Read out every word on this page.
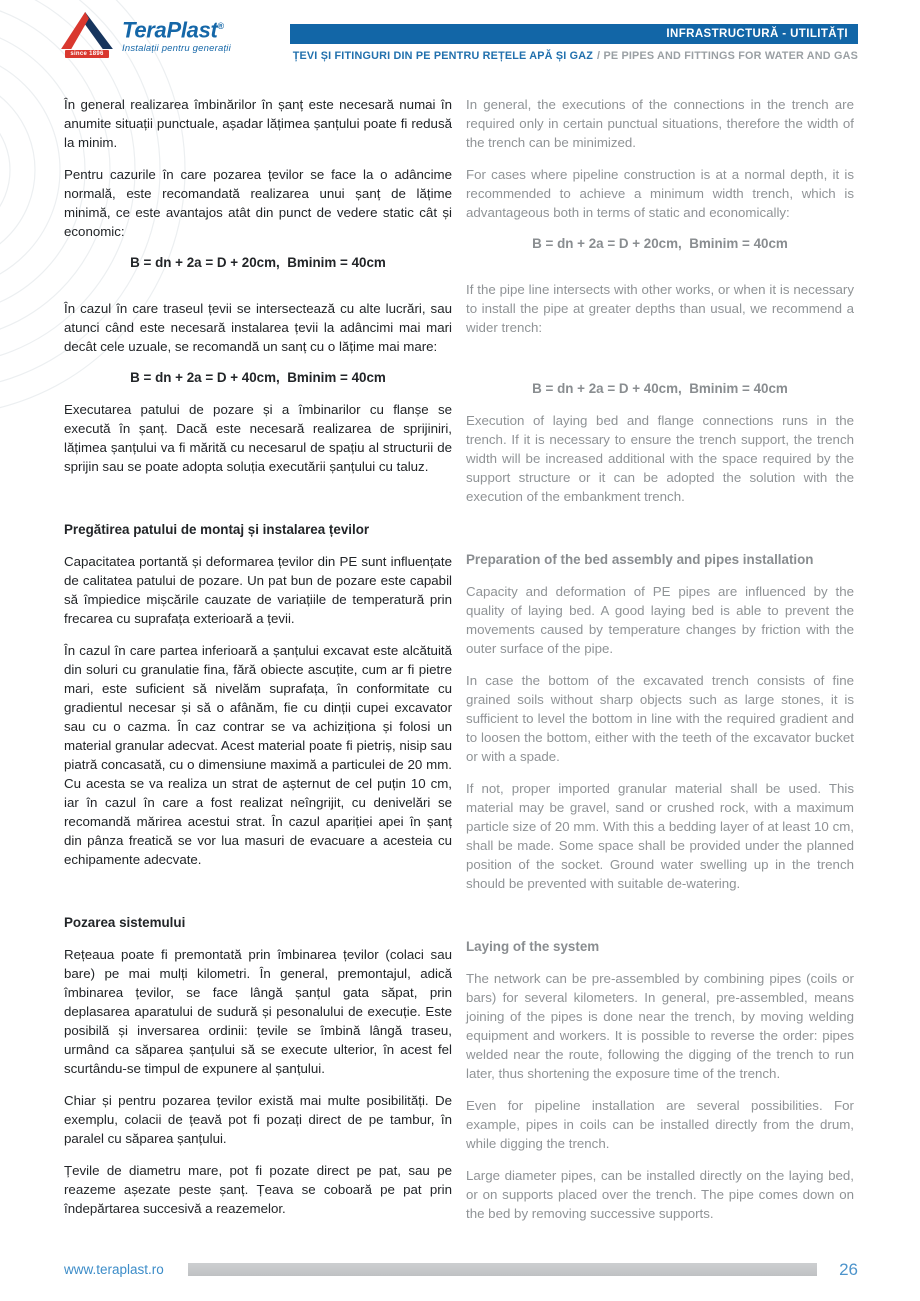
since 1896
TeraPlast®
Instalații pentru generații
INFRASTRUCTURĂ - UTILITĂȚI
ȚEVI ȘI FITINGURI DIN PE PENTRU REȚELE APĂ ȘI GAZ / PE PIPES AND FITTINGS FOR WATER AND GAS

În general realizarea îmbinărilor în șanț este necesară numai în anumite situații punctuale, așadar lățimea șanțului poate fi redusă la minim.

Pentru cazurile în care pozarea țevilor se face la o adâncime normală, este recomandată realizarea unui șanț de lățime minimă, ce este avantajos atât din punct de vedere static cât și economic:

B = dn + 2a = D + 20cm,  Bminim = 40cm

În cazul în care traseul țevii se intersectează cu alte lucrări, sau atunci când este necesară instalarea țevii la adâncimi mai mari decât cele uzuale, se recomandă un sanț cu o lățime mai mare:

B = dn + 2a = D + 40cm,  Bminim = 40cm

Executarea patului de pozare și a îmbinarilor cu flanșe se execută în șanț. Dacă este necesară realizarea de sprijiniri, lățimea șanțului va fi mărită cu necesarul de spațiu al structurii de sprijin sau se poate adopta soluția executării șanțului cu taluz.

Pregătirea patului de montaj și instalarea țevilor

Capacitatea portantă și deformarea țevilor din PE sunt influențate de calitatea patului de pozare. Un pat bun de pozare este capabil să împiedice mișcările cauzate de variațiile de temperatură prin frecarea cu suprafața exterioară a țevii.

În cazul în care partea inferioară a șanțului excavat este alcătuită din soluri cu granulatie fina, fără obiecte ascuțite, cum ar fi pietre mari, este suficient să nivelăm suprafața, în conformitate cu gradientul necesar și să o afânăm, fie cu dinții cupei excavator sau cu o cazma. În caz contrar se va achiziționa și folosi un material granular adecvat. Acest material poate fi pietriș, nisip sau piatră concasată, cu o dimensiune maximă a particulei de 20 mm. Cu acesta se va realiza un strat de așternut de cel puțin 10 cm, iar în cazul în care a fost realizat neîngrijit, cu denivelări se recomandă mărirea acestui strat. În cazul apariției apei în șanț din pânza freatică se vor lua masuri de evacuare a acesteia cu echipamente adecvate.

Pozarea sistemului

Rețeaua poate fi premontată prin îmbinarea țevilor (colaci sau bare) pe mai mulți kilometri. În general, premontajul, adică îmbinarea țevilor, se face lângă șanțul gata săpat, prin deplasarea aparatului de sudură și pesonalului de execuție. Este posibilă și inversarea ordinii: țevile se îmbină lângă traseu, urmând ca săparea șanțului să se execute ulterior, în acest fel scurtându-se timpul de expunere al șanțului.

Chiar și pentru pozarea țevilor există mai multe posibilități. De exemplu, colacii de țeavă pot fi pozați direct de pe tambur, în paralel cu săparea șanțului.

Țevile de diametru mare, pot fi pozate direct pe pat, sau pe reazeme așezate peste șanț. Țeava se coboară pe pat prin îndepărtarea succesivă a reazemelor.

In general, the executions of the connections in the trench are required only in certain punctual situations, therefore the width of the trench can be minimized.

For cases where pipeline construction is at a normal depth, it is recommended to achieve a minimum width trench, which is advantageous both in terms of static and economically:

B = dn + 2a = D + 20cm,  Bminim = 40cm

If the pipe line intersects with other works, or when it is necessary to install the pipe at greater depths than usual, we recommend a wider trench:

B = dn + 2a = D + 40cm,  Bminim = 40cm

Execution of laying bed and flange connections runs in the trench. If it is necessary to ensure the trench support, the trench width will be increased additional with the space required by the support structure or it can be adopted the solution with the execution of the embankment trench.

Preparation of the bed assembly and pipes installation

Capacity and deformation of PE pipes are influenced by the quality of laying bed. A good laying bed is able to prevent the movements caused by temperature changes by friction with the outer surface of the pipe.

In case the bottom of the excavated trench consists of fine grained soils without sharp objects such as large stones, it is sufficient to level the bottom in line with the required gradient and to loosen the bottom, either with the teeth of the excavator bucket or with a spade.

If not, proper imported granular material shall be used. This material may be gravel, sand or crushed rock, with a maximum particle size of 20 mm. With this a bedding layer of at least 10 cm, shall be made. Some space shall be provided under the planned position of the socket. Ground water swelling up in the trench should be prevented with suitable de-watering.

Laying of the system

The network can be pre-assembled by combining pipes (coils or bars) for several kilometers. In general, pre-assembled, means joining of the pipes is done near the trench, by moving welding equipment and workers. It is possible to reverse the order: pipes welded near the route, following the digging of the trench to run later, thus shortening the exposure time of the trench.

Even for pipeline installation are several possibilities. For example, pipes in coils can be installed directly from the drum, while digging the trench.

Large diameter pipes, can be installed directly on the laying bed, or on supports placed over the trench. The pipe comes down on the bed by removing successive supports.

www.teraplast.ro	26
